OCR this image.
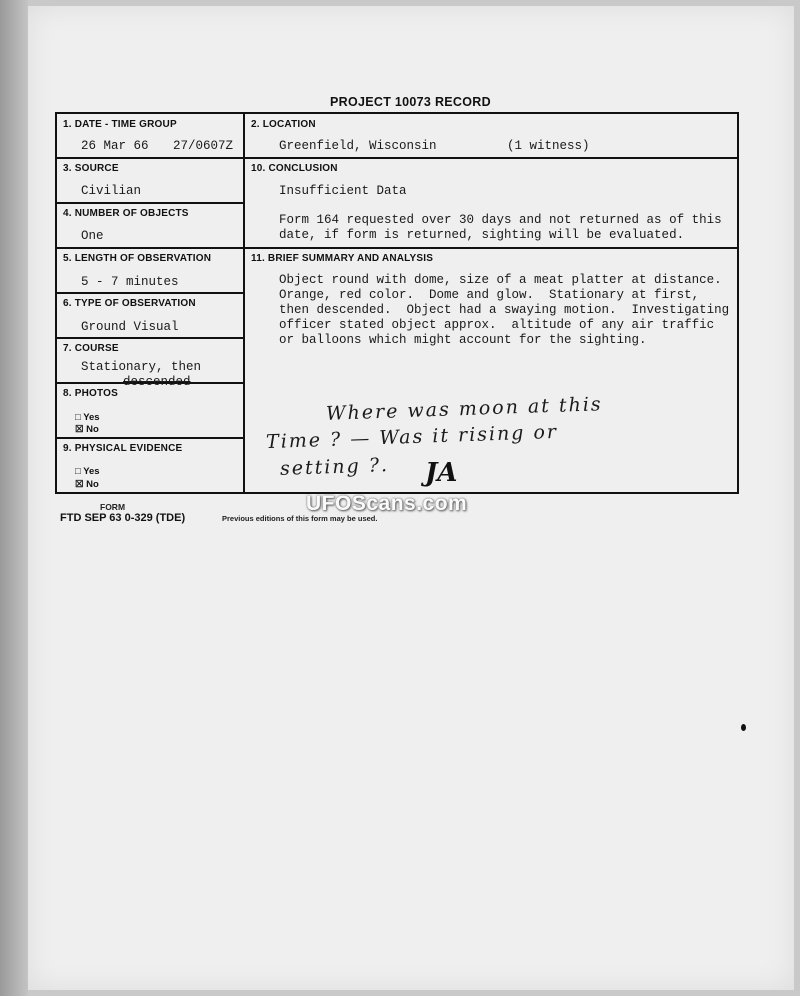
PROJECT 10073 RECORD
1. DATE - TIME GROUP
26 Mar 66 27/0607Z
2. LOCATION
Greenfield, Wisconsin	(1 witness)
3. SOURCE
Civilian
10. CONCLUSION
Insufficient Data
Form 164 requested over 30 days and not returned as of this
date, if form is returned, sighting will be evaluated.
4. NUMBER OF OBJECTS
One
5. LENGTH OF OBSERVATION
5 - 7 minutes
11. BRIEF SUMMARY AND ANALYSIS
Object round with dome, size of a meat platter at distance.
Orange, red color.  Dome and glow.  Stationary at first,
then descended.  Object had a swaying motion.  Investigating
officer stated object approx.  altitude of any air traffic
or balloons which might account for the sighting.
6. TYPE OF OBSERVATION
Ground Visual
7. COURSE
Stationary, then
descended
8. PHOTOS
□ Yes
☒ No
9. PHYSICAL EVIDENCE
□ Yes
☒ No
Where was moon at this
Time ? — Was it rising or
setting ?. JA
UFOScans.com
FORM
FTD SEP 63 0-329 (TDE)	Previous editions of this form may be used.
